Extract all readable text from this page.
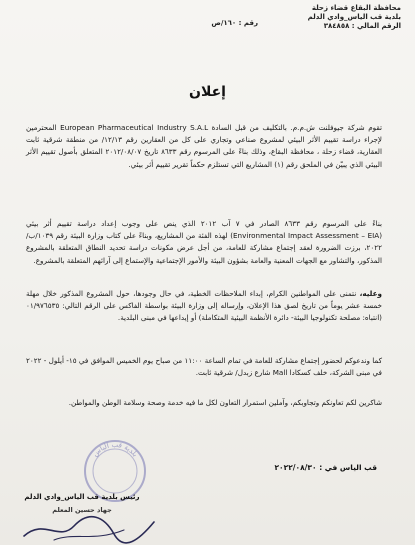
محافظة البقاع قضاء زحلة
بلدية قب الياس_وادي الدلم
الرقم المالي : ٣٨٤٨٥٨
رقم : ١٦٠/ص
إعلان
تقوم شركة جيوفلنت ش.م.م. بالتكليف من قبل السادة European Pharmaceutical Industry S.A.L المحترمين لإجراء دراسة تقييم الأثر البيئي لمشروع صناعي وتجاري على كل من العقارين رقم ١٢/١٣/ من منطقة شرقية ثابت العقارية، قضاء زحلة ، محافظة البقاع، وذلك بناءً على المرسوم رقم ٨٦٣٣ تاريخ ٢٠١٢/٠٨/٠٧ المتعلق بأصول تقييم الأثر البيئي الذي يبيّن في الملحق رقم (١) المشاريع التي تستلزم حكماً تقرير تقييم أثر بيئي.
بناءً على المرسوم رقم ٨٦٣٣ الصادر في ٧ آب ٢٠١٢ الذي ينص على وجوب إعداد دراسة تقييم أثر بيئي (Environmental Impact Assessment – EIA) لهذه الفئة من المشاريع، وبناءً على كتاب وزارة البيئة رقم ١٠٣٩/ب/٢٠٢٢، برزت الضرورة لعقد إجتماع مشاركة للعامة، من أجل عرض مكونات دراسة تحديد النطاق المتعلقة بالمشروع المذكور، والتشاور مع الجهات المعنية والعامة بشؤون البيئة والأمور الإجتماعية والإستماع إلى آرائهم المتعلقة بالمشروع.
وعليه، نتمنى على المواطنين الكرام، إبداء الملاحظات الخطية، في حال وجودها، حول المشروع المذكور خلال مهلة خمسة عشر يوماً من تاريخ لصق هذا الإعلان، وإرساله إلى وزارة البيئة بواسطة الفاكس على الرقم التالي: ٠١/٩٧٦٥٣٥ (انتباه: مصلحة تكنولوجيا البيئة- دائرة الأنظمة البيئية المتكاملة) أو إيداعها في مبنى البلدية.
كما وندعوكم لحضور إجتماع مشاركة للعامة في تمام الساعة ١١:٠٠ من صباح يوم الخميس الموافق في ١٥- أيلول - ٢٠٢٢ في مبنى الشركة، خلف كسكادا Mall شارع زبدل/ شرقية ثابت.
شاكرين لكم تعاونكم وتجاوبكم، وآملين استمرار التعاون لكل ما فيه خدمة وصحة وسلامة الوطن والمواطن.
قب الياس في : ٢٠٢٢/٠٨/٣٠
بلدية قب الياس
رئيس بلدية قب الياس_وادي الدلم
جهاد حسين المعلم
